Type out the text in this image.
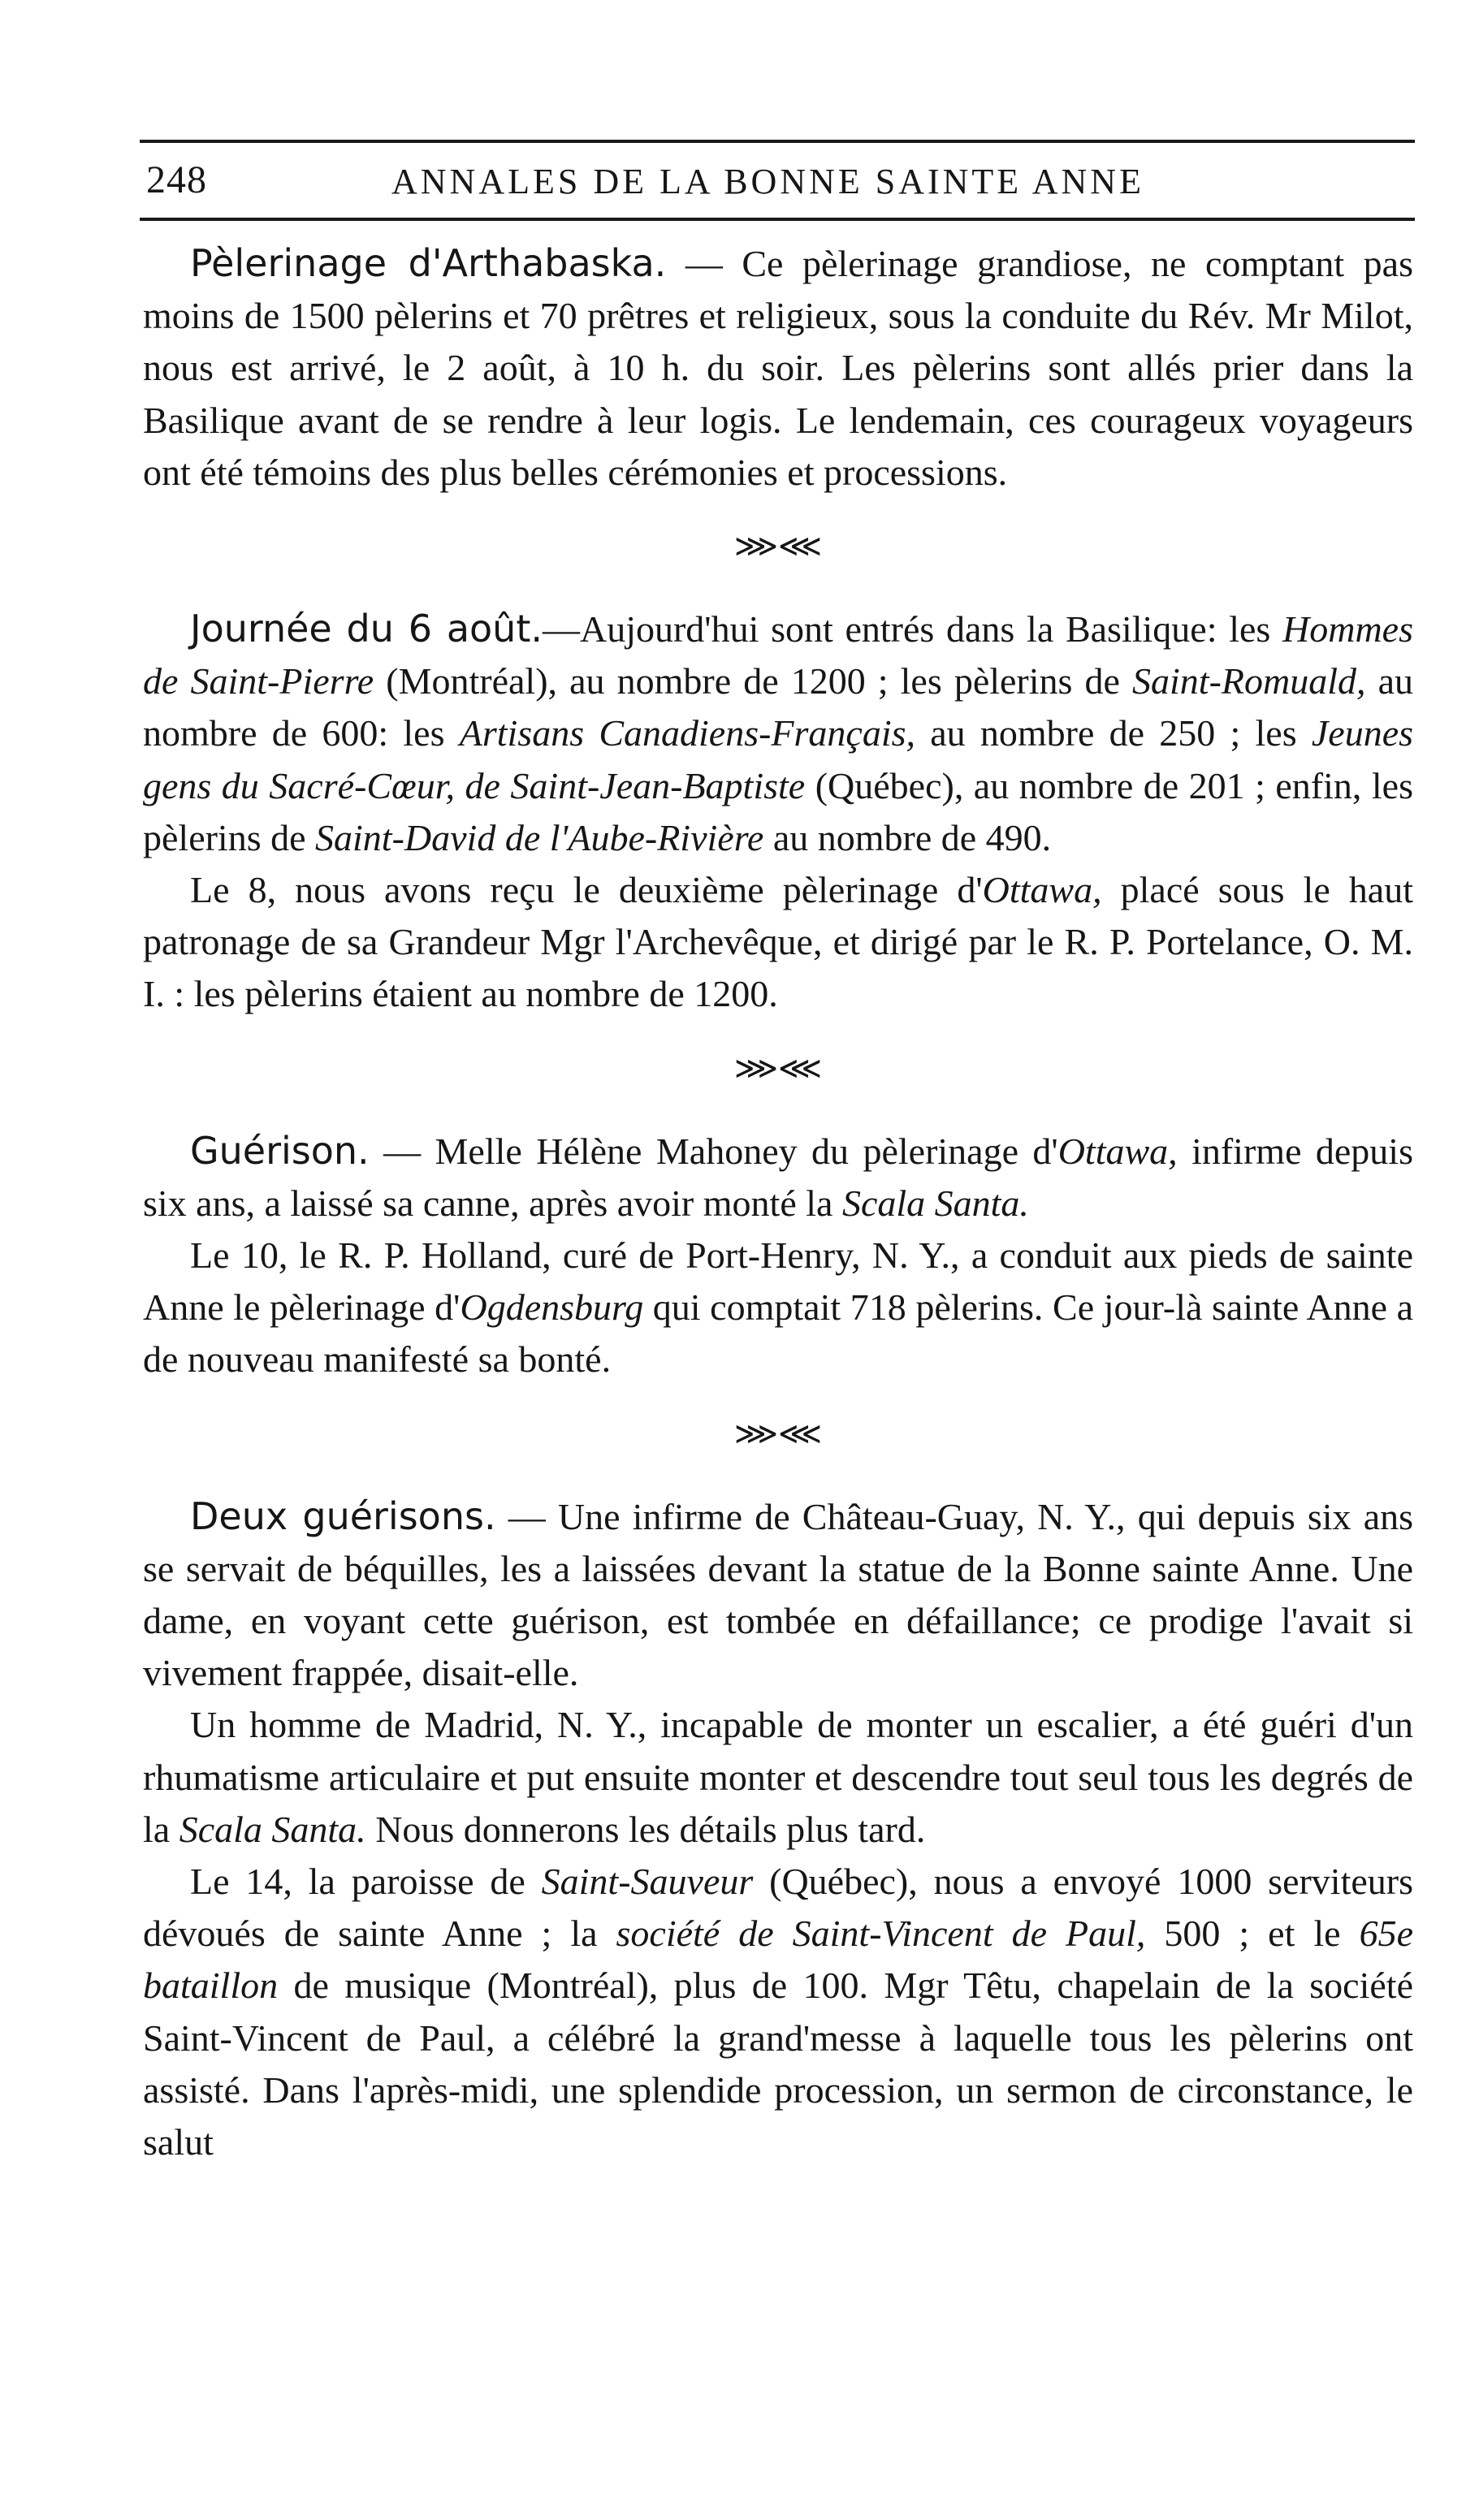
248	ANNALES DE LA BONNE SAINTE ANNE

Pèlerinage d'Arthabaska. — Ce pèlerinage grandiose, ne comptant pas moins de 1500 pèlerins et 70 prêtres et religieux, sous la conduite du Rév. Mr Milot, nous est arrivé, le 2 août, à 10 h. du soir. Les pèlerins sont allés prier dans la Basilique avant de se rendre à leur logis. Le lendemain, ces courageux voyageurs ont été témoins des plus belles cérémonies et processions.

⋙⋘

Journée du 6 août.—Aujourd'hui sont entrés dans la Basilique: les Hommes de Saint-Pierre (Montréal), au nombre de 1200 ; les pèlerins de Saint-Romuald, au nombre de 600: les Artisans Canadiens-Français, au nombre de 250 ; les Jeunes gens du Sacré-Cœur, de Saint-Jean-Baptiste (Québec), au nombre de 201 ; enfin, les pèlerins de Saint-David de l'Aube-Rivière au nombre de 490.

Le 8, nous avons reçu le deuxième pèlerinage d'Ottawa, placé sous le haut patronage de sa Grandeur Mgr l'Archevêque, et dirigé par le R. P. Portelance, O. M. I. : les pèlerins étaient au nombre de 1200.

⋙⋘

Guérison. — Melle Hélène Mahoney du pèlerinage d'Ottawa, infirme depuis six ans, a laissé sa canne, après avoir monté la Scala Santa.

Le 10, le R. P. Holland, curé de Port-Henry, N. Y., a conduit aux pieds de sainte Anne le pèlerinage d'Ogdensburg qui comptait 718 pèlerins. Ce jour-là sainte Anne a de nouveau manifesté sa bonté.

⋙⋘

Deux guérisons. — Une infirme de Château-Guay, N. Y., qui depuis six ans se servait de béquilles, les a laissées devant la statue de la Bonne sainte Anne. Une dame, en voyant cette guérison, est tombée en défaillance; ce prodige l'avait si vivement frappée, disait-elle.

Un homme de Madrid, N. Y., incapable de monter un escalier, a été guéri d'un rhumatisme articulaire et put ensuite monter et descendre tout seul tous les degrés de la Scala Santa. Nous donnerons les détails plus tard.

Le 14, la paroisse de Saint-Sauveur (Québec), nous a envoyé 1000 serviteurs dévoués de sainte Anne ; la société de Saint-Vincent de Paul, 500 ; et le 65e bataillon de musique (Montréal), plus de 100. Mgr Têtu, chapelain de la société Saint-Vincent de Paul, a célébré la grand'messe à laquelle tous les pèlerins ont assisté. Dans l'après-midi, une splendide procession, un sermon de circonstance, le salut
